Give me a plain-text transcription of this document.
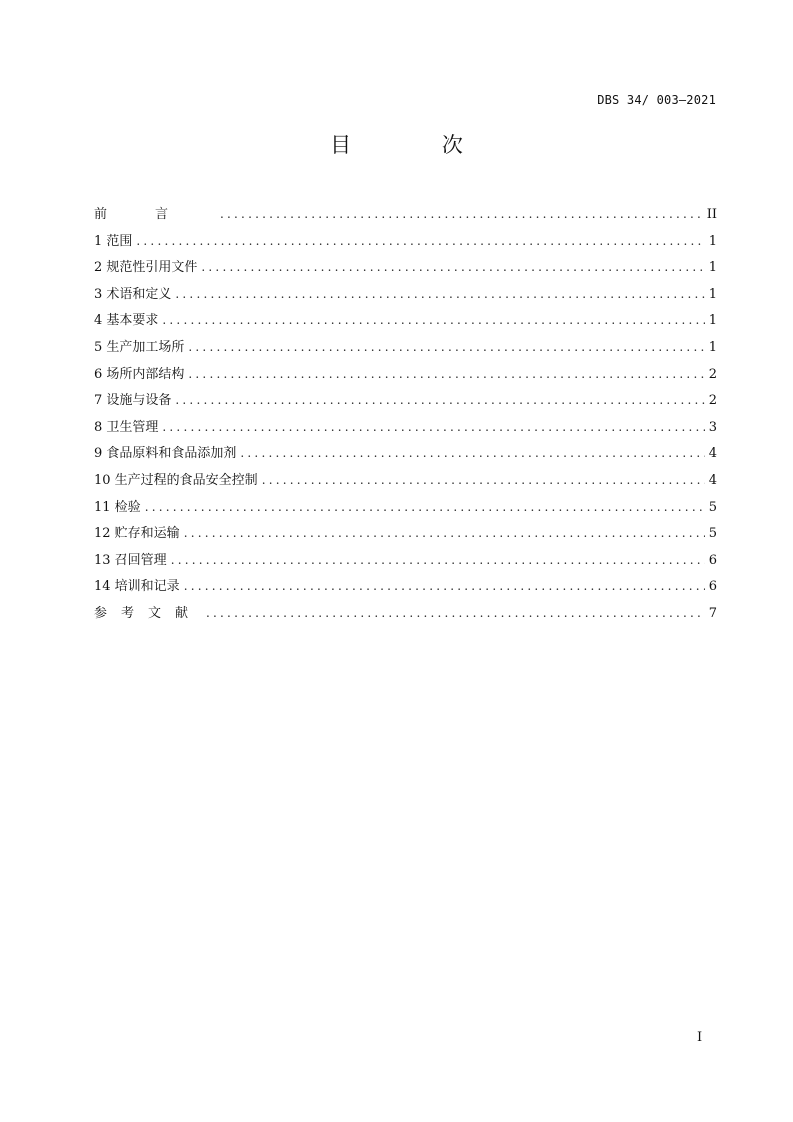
DBS 34/ 003—2021
目 次
前言 .....	II
1 范围 .....	1
2 规范性引用文件 .....	1
3 术语和定义 .....	1
4 基本要求 .....	1
5 生产加工场所 .....	1
6 场所内部结构 .....	2
7 设施与设备 .....	2
8 卫生管理 .....	3
9 食品原料和食品添加剂 .....	4
10 生产过程的食品安全控制 .....	4
11 检验 .....	5
12 贮存和运输 .....	5
13 召回管理 .....	6
14 培训和记录 .....	6
参考文献 .....	7
I
